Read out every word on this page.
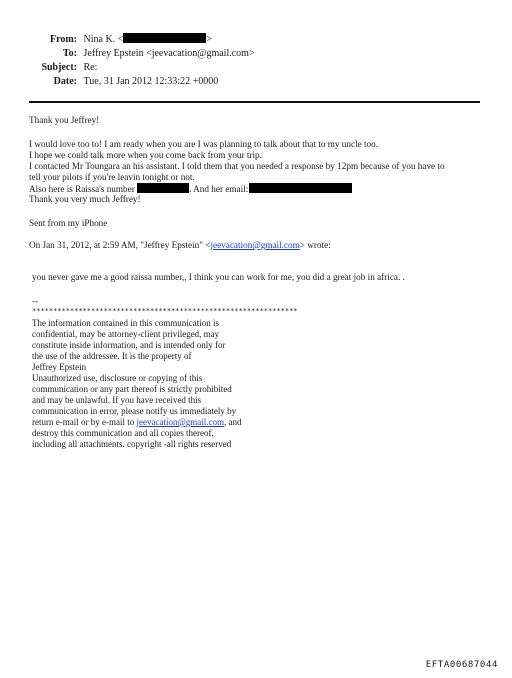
From: Nina K. <	>
To: Jeffrey Epstein <jeevacation@gmail.com>
Subject: Re:
Date: Tue, 31 Jan 2012 12:33:22 +0000
Thank you Jeffrey!
I would love too to! I am ready when you are I was planning to talk about that to my uncle too.
I hope we could talk more when you come back from your trip.
I contacted Mr Toungara an his assistant. I told them that you needed a response by 12pm because of you have to
tell your pilots if you're leavin tonight or not.
Also here is Raissa's number	. And her email:
Thank you very much Jeffrey!
Sent from my iPhone
On Jan 31, 2012, at 2:59 AM, "Jeffrey Epstein" <jeevacation@gmail.com> wrote:
you never gave me a good raissa number,, I think you can work for me, you did a great job in africa. .
--
***************************************************************
The information contained in this communication is
confidential, may be attorney-client privileged, may
constitute inside information, and is intended only for
the use of the addressee. It is the property of
Jeffrey Epstein
Unauthorized use, disclosure or copying of this
communication or any part thereof is strictly prohibited
and may be unlawful. If you have received this
communication in error, please notify us immediately by
return e-mail or by e-mail to jeevacation@gmail.com, and
destroy this communication and all copies thereof,
including all attachments. copyright -all rights reserved
EFTA00687044
